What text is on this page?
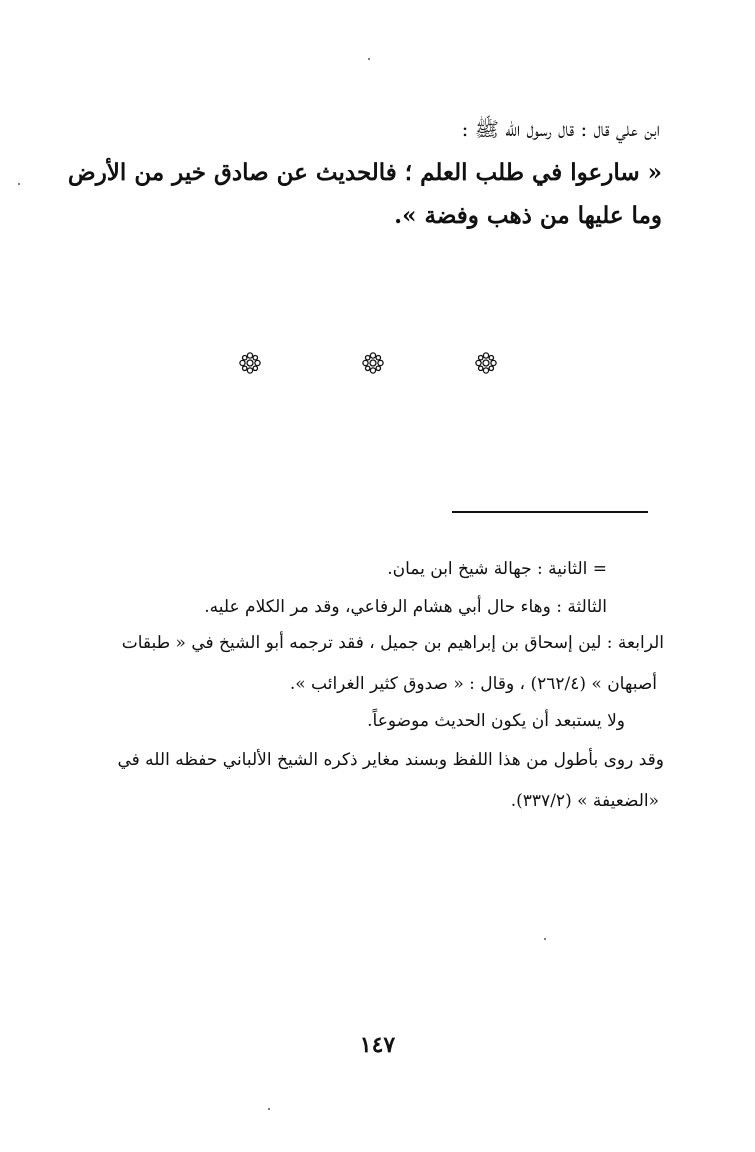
ابن علي قال : قال رسول الله ﷺ :
« سارعوا في طلب العلم ؛ فالحديث عن صادق خير من الأرض
وما عليها من ذهب وفضة ».
= الثانية : جهالة شيخ ابن يمان.
الثالثة : وهاء حال أبي هشام الرفاعي، وقد مر الكلام عليه.
الرابعة : لين إسحاق بن إبراهيم بن جميل ، فقد ترجمه أبو الشيخ في « طبقات
أصبهان » (٢٦٢/٤) ، وقال : « صدوق كثير الغرائب ».
ولا يستبعد أن يكون الحديث موضوعاً.
وقد روى بأطول من هذا اللفظ وبسند مغاير ذكره الشيخ الألباني حفظه الله في
«الضعيفة » (٣٣٧/٢).
١٤٧
